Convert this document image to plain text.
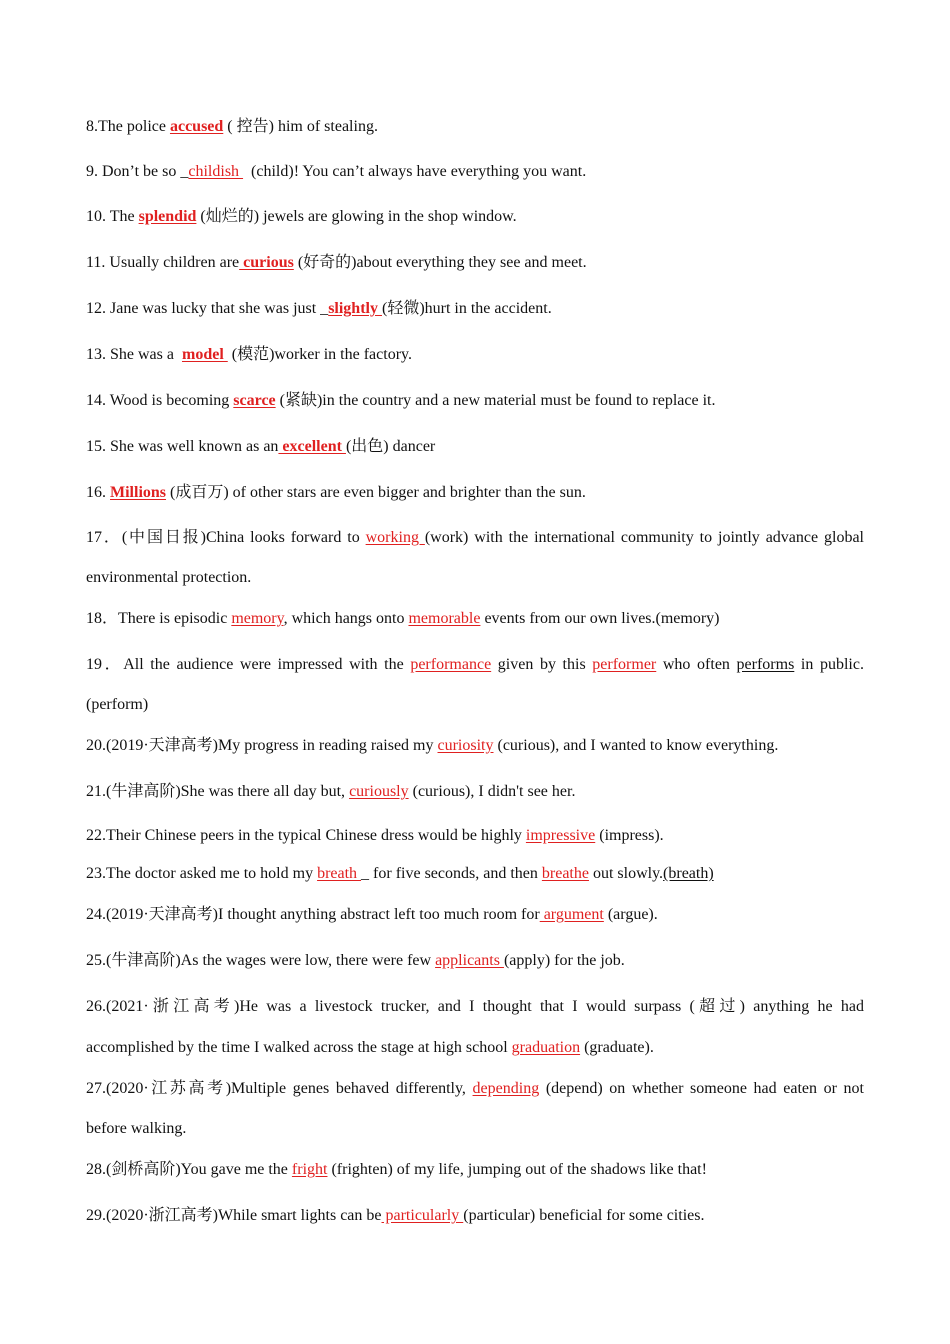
8.The police accused ( 控告) him of stealing.
9. Don’t be so _childish   (child)! You can’t always have everything you want.
10. The splendid (灿烂的) jewels are glowing in the shop window.
11. Usually children are curious (好奇的)about everything they see and meet.
12. Jane was lucky that she was just _slightly (轻微)hurt in the accident.
13. She was a  model  (模范)worker in the factory.
14. Wood is becoming scarce (紧缺)in the country and a new material must be found to replace it.
15. She was well known as an excellent (出色) dancer
16. Millions (成百万) of other stars are even bigger and brighter than the sun.
17．(中国日报)China looks forward to working (work) with the international community to jointly advance global
environmental protection.
18．There is episodic memory, which hangs onto memorable events from our own lives.(memory)
19．All the audience were impressed with the performance given by this performer who often performs in public.
(perform)
20.(2019·天津高考)My progress in reading raised my curiosity (curious), and I wanted to know everything.
21.(牛津高阶)She was there all day but, curiously (curious), I didn't see her.
22.Their Chinese peers in the typical Chinese dress would be highly impressive (impress).
23.The doctor asked me to hold my breath _ for five seconds, and then breathe out slowly.(breath)
24.(2019·天津高考)I thought anything abstract left too much room for argument (argue).
25.(牛津高阶)As the wages were low, there were few applicants (apply) for the job.
26.(2021·浙江高考)He was a livestock trucker, and I thought that I would surpass (超过) anything he had
accomplished by the time I walked across the stage at high school graduation (graduate).
27.(2020·江苏高考)Multiple genes behaved differently, depending (depend) on whether someone had eaten or not
before walking.
28.(剑桥高阶)You gave me the fright (frighten) of my life, jumping out of the shadows like that!
29.(2020·浙江高考)While smart lights can be particularly (particular) beneficial for some cities.
